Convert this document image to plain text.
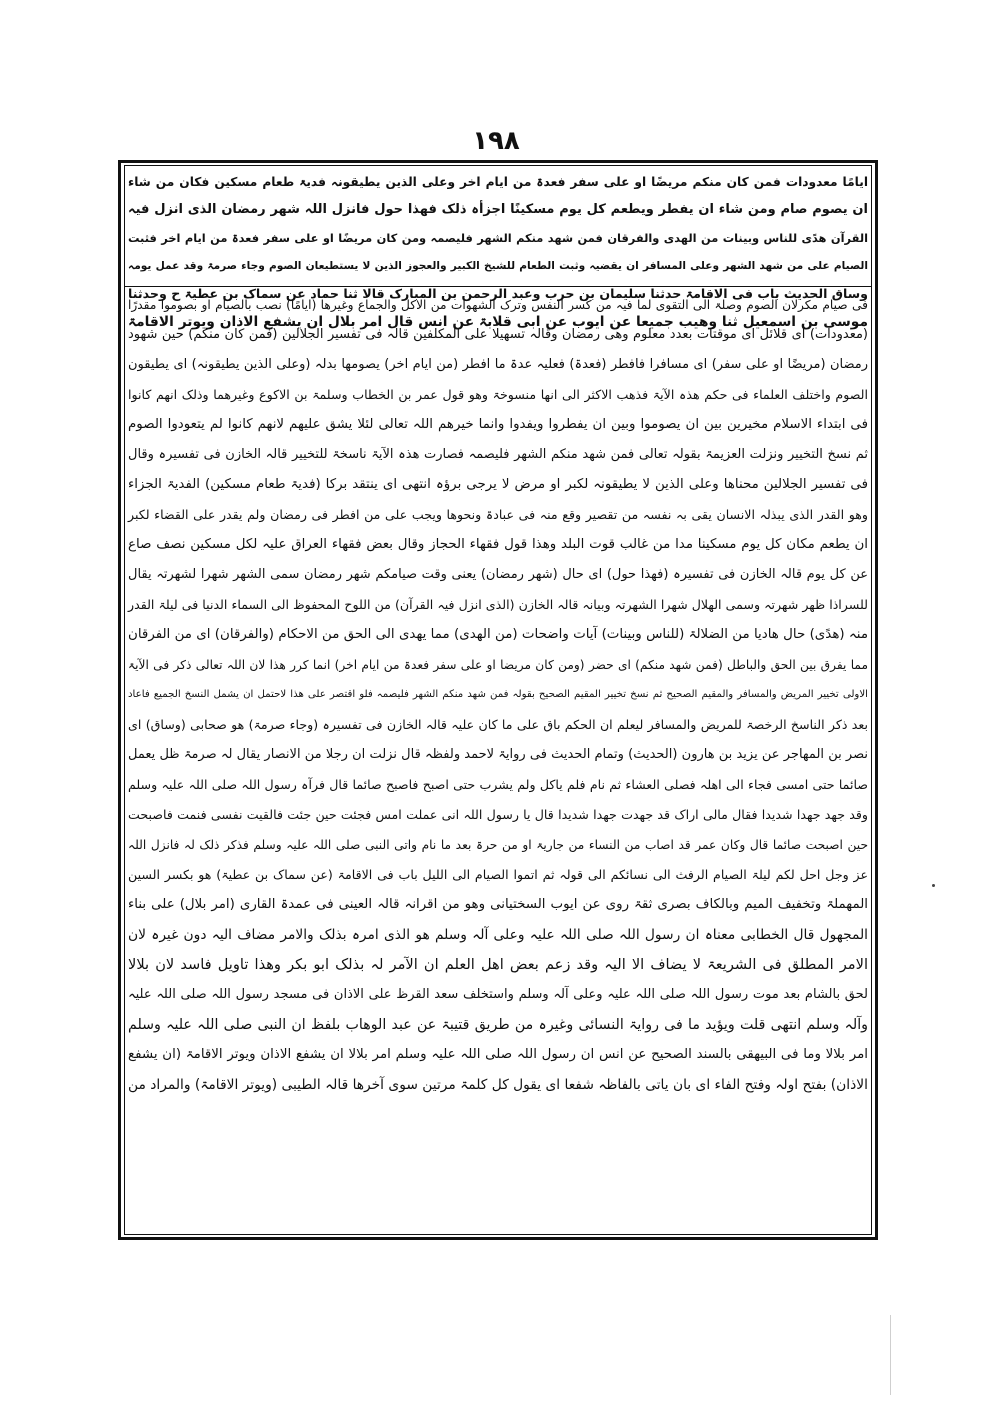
۱۹۸
ایامًا معدودات فمن کان منکم مریضًا او علی سفر فعدۃ من ایام اخر وعلی الذین یطیقونہ فدیۃ طعام مسکین فکان من شاء
ان یصوم صام ومن شاء ان یفطر ویطعم کل یوم مسکینًا اجزأہ ذلک فھذا حول فانزل اللہ شھر رمضان الذی انزل فیہ
القرآن ھدًی للناس وبینات من الھدی والفرقان فمن شھد منکم الشھر فلیصمہ ومن کان مریضًا او علی سفر فعدۃ من ایام اخر فثبت
الصیام علی من شھد الشھر وعلی المسافر ان یقضیہ وثبت الطعام للشیخ الکبیر والعجوز الذین لا یستطیعان الصوم وجاء صرمۃ وقد عمل یومہ
وساق الحدیث باب فی الاقامۃ حدثنا سلیمان بن حرب وعبد الرحمن بن المبارک قالا ثنا حماد عن سماک بن عطیۃ ح وحدثنا
موسی بن اسمعیل ثنا وھیب جمیعا عن ایوب عن ابی قلابۃ عن انس قال امر بلال ان یشفع الاذان ویوتر الاقامۃ
فی صیام مکرلان الصوم وصلۃ الی التقوی لما فیہ من کسر النفس وترک الشھوات من الاکل والجماع وغیرھا (ایامًا) نصب بالصیام او بصوموا مقدرًا
(معدودات) ای قلائل ای موقتات بعدد معلوم وھی رمضان وقالہ تسھیلا علی المکلفین قالہ فی تفسیر الجلالین (فمن کان منکم) حین شھود
رمضان (مریضًا او علی سفر) ای مسافرا فافطر (فعدۃ) فعلیہ عدۃ ما افطر (من ایام اخر) یصومھا بدلہ (وعلی الذین یطیقونہ) ای یطیقون
الصوم واختلف العلماء فی حکم ھذہ الآیۃ فذھب الاکثر الی انھا منسوخۃ وھو قول عمر بن الخطاب وسلمۃ بن الاکوع وغیرھما وذلک انھم کانوا
فی ابتداء الاسلام مخیرین بین ان یصوموا وبین ان یفطروا ویفدوا وانما خیرھم اللہ تعالی لئلا یشق علیھم لانھم کانوا لم یتعودوا الصوم
ثم نسخ التخییر ونزلت العزیمۃ بقولہ تعالی فمن شھد منکم الشھر فلیصمہ فصارت ھذہ الآیۃ ناسخۃ للتخییر قالہ الخازن فی تفسیرہ وقال
فی تفسیر الجلالین محناھا وعلی الذین لا یطیقونہ لکبر او مرض لا یرجی برؤہ انتھی ای ینتقد برکا (فدیۃ طعام مسکین) الفدیۃ الجزاء
وھو القدر الذی یبذلہ الانسان یقی بہ نفسہ من تقصیر وقع منہ فی عبادۃ ونحوھا ویجب علی من افطر فی رمضان ولم یقدر علی القضاء لکبر
ان یطعم مکان کل یوم مسکینا مدا من غالب قوت البلد وھذا قول فقھاء الحجاز وقال بعض فقھاء العراق علیہ لکل مسکین نصف صاع
عن کل یوم قالہ الخازن فی تفسیرہ (فھذا حول) ای حال (شھر رمضان) یعنی وقت صیامکم شھر رمضان سمی الشھر شھرا لشھرتہ یقال
للسراذا ظھر شھرتہ وسمی الھلال شھرا الشھرتہ وبیانہ قالہ الخازن (الذی انزل فیہ القرآن) من اللوح المحفوظ الی السماء الدنیا فی لیلۃ القدر
منہ (ھدًی) حال ھادیا من الضلالۃ (للناس وبینات) آیات واضحات (من الھدی) مما یھدی الی الحق من الاحکام (والفرقان) ای من الفرقان
مما یفرق بین الحق والباطل (فمن شھد منکم) ای حضر (ومن کان مریضا او علی سفر فعدۃ من ایام اخر) انما کرر ھذا لان اللہ تعالی ذکر فی الآیۃ
الاولی تخییر المریض والمسافر والمقیم الصحیح ثم نسخ تخییر المقیم الصحیح بقولہ فمن شھد منکم الشھر فلیصمہ فلو اقتصر علی ھذا لاحتمل ان یشمل النسخ الجمیع فاعاد
بعد ذکر الناسخ الرخصۃ للمریض والمسافر لیعلم ان الحکم باق علی ما کان علیہ قالہ الخازن فی تفسیرہ (وجاء صرمۃ) ھو صحابی (وساق) ای
نصر بن المھاجر عن یزید بن ھارون (الحدیث) وتمام الحدیث فی روایۃ لاحمد ولفظہ قال نزلت ان رجلا من الانصار یقال لہ صرمۃ ظل یعمل
صائما حتی امسی فجاء الی اھلہ فصلی العشاء ثم نام فلم یاکل ولم یشرب حتی اصبح فاصبح صائما قال فرآہ رسول اللہ صلی اللہ علیہ وسلم
وقد جھد جھدا شدیدا فقال مالی اراک قد جھدت جھدا شدیدا قال یا رسول اللہ انی عملت امس فجئت حین جئت فالقیت نفسی فنمت فاصبحت
حین اصبحت صائما قال وکان عمر قد اصاب من النساء من جاریۃ او من حرۃ بعد ما نام واتی النبی صلی اللہ علیہ وسلم فذکر ذلک لہ فانزل اللہ
عز وجل احل لکم لیلۃ الصیام الرفث الی نسائکم الی قولہ ثم اتموا الصیام الی اللیل باب فی الاقامۃ (عن سماک بن عطیۃ) ھو بکسر السین
المھملۃ وتخفیف المیم وبالکاف بصری ثقۃ روی عن ایوب السختیانی وھو من اقرانہ قالہ العینی فی عمدۃ القاری (امر بلال) علی بناء
المجھول قال الخطابی معناہ ان رسول اللہ صلی اللہ علیہ وعلی آلہ وسلم ھو الذی امرہ بذلک والامر مضاف الیہ دون غیرہ لان
الامر المطلق فی الشریعۃ لا یضاف الا الیہ وقد زعم بعض اھل العلم ان الآمر لہ بذلک ابو بکر وھذا تاویل فاسد لان بلالا
لحق بالشام بعد موت رسول اللہ صلی اللہ علیہ وعلی آلہ وسلم واستخلف سعد القرظ علی الاذان فی مسجد رسول اللہ صلی اللہ علیہ
وآلہ وسلم انتھی قلت ویؤید ما فی روایۃ النسائی وغیرہ من طریق قتیبۃ عن عبد الوھاب بلفظ ان النبی صلی اللہ علیہ وسلم
امر بلالا وما فی البیھقی بالسند الصحیح عن انس ان رسول اللہ صلی اللہ علیہ وسلم امر بلالا ان یشفع الاذان ویوتر الاقامۃ (ان یشفع
الاذان) بفتح اولہ وفتح الفاء ای بان یاتی بالفاظہ شفعا ای یقول کل کلمۃ مرتین سوی آخرھا قالہ الطیبی (ویوتر الاقامۃ) والمراد من
